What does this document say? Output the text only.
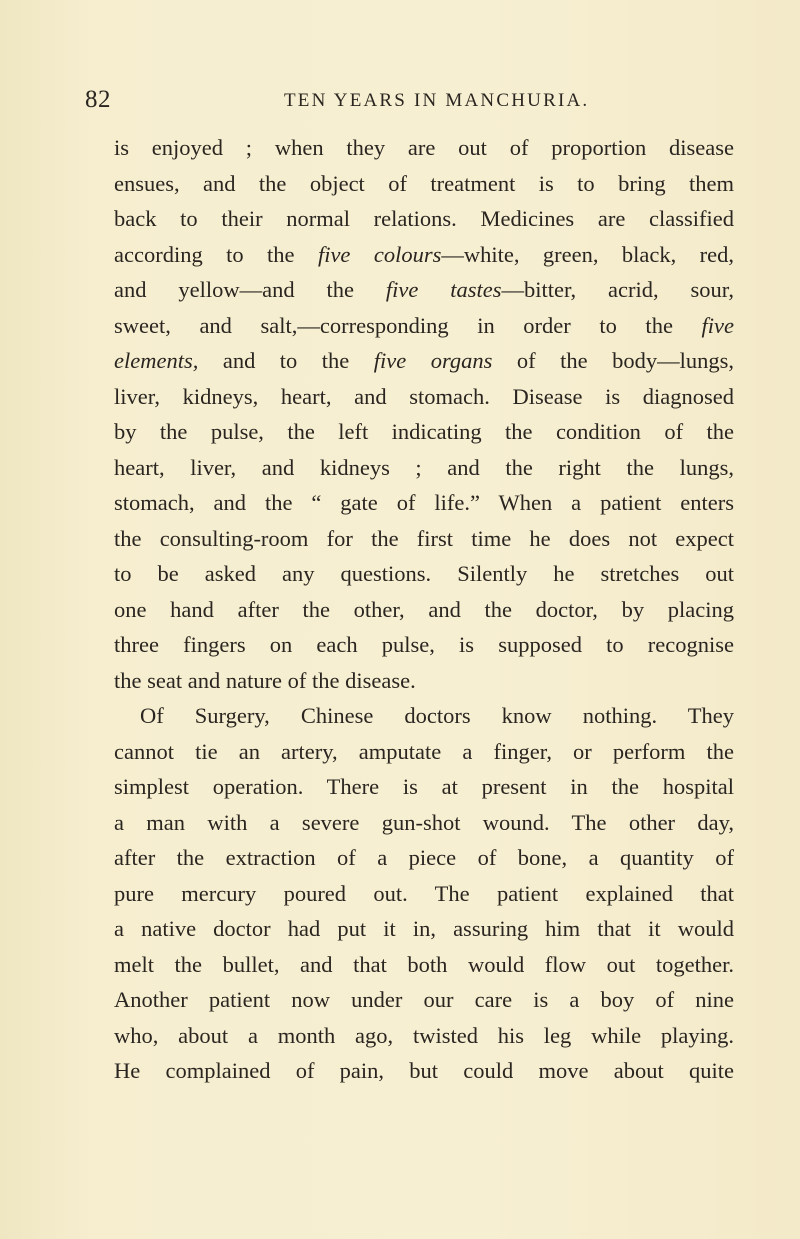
82	TEN YEARS IN MANCHURIA.
is enjoyed ; when they are out of proportion disease
ensues, and the object of treatment is to bring them
back to their normal relations. Medicines are classified
according to the five colours—white, green, black, red,
and yellow—and the five tastes—bitter, acrid, sour,
sweet, and salt,—corresponding in order to the five
elements, and to the five organs of the body—lungs,
liver, kidneys, heart, and stomach. Disease is diagnosed
by the pulse, the left indicating the condition of the
heart, liver, and kidneys ; and the right the lungs,
stomach, and the “ gate of life.” When a patient enters
the consulting-room for the first time he does not expect
to be asked any questions. Silently he stretches out
one hand after the other, and the doctor, by placing
three fingers on each pulse, is supposed to recognise
the seat and nature of the disease.
Of Surgery, Chinese doctors know nothing. They
cannot tie an artery, amputate a finger, or perform the
simplest operation. There is at present in the hospital
a man with a severe gun-shot wound. The other day,
after the extraction of a piece of bone, a quantity of
pure mercury poured out. The patient explained that
a native doctor had put it in, assuring him that it would
melt the bullet, and that both would flow out together.
Another patient now under our care is a boy of nine
who, about a month ago, twisted his leg while playing.
He complained of pain, but could move about quite
